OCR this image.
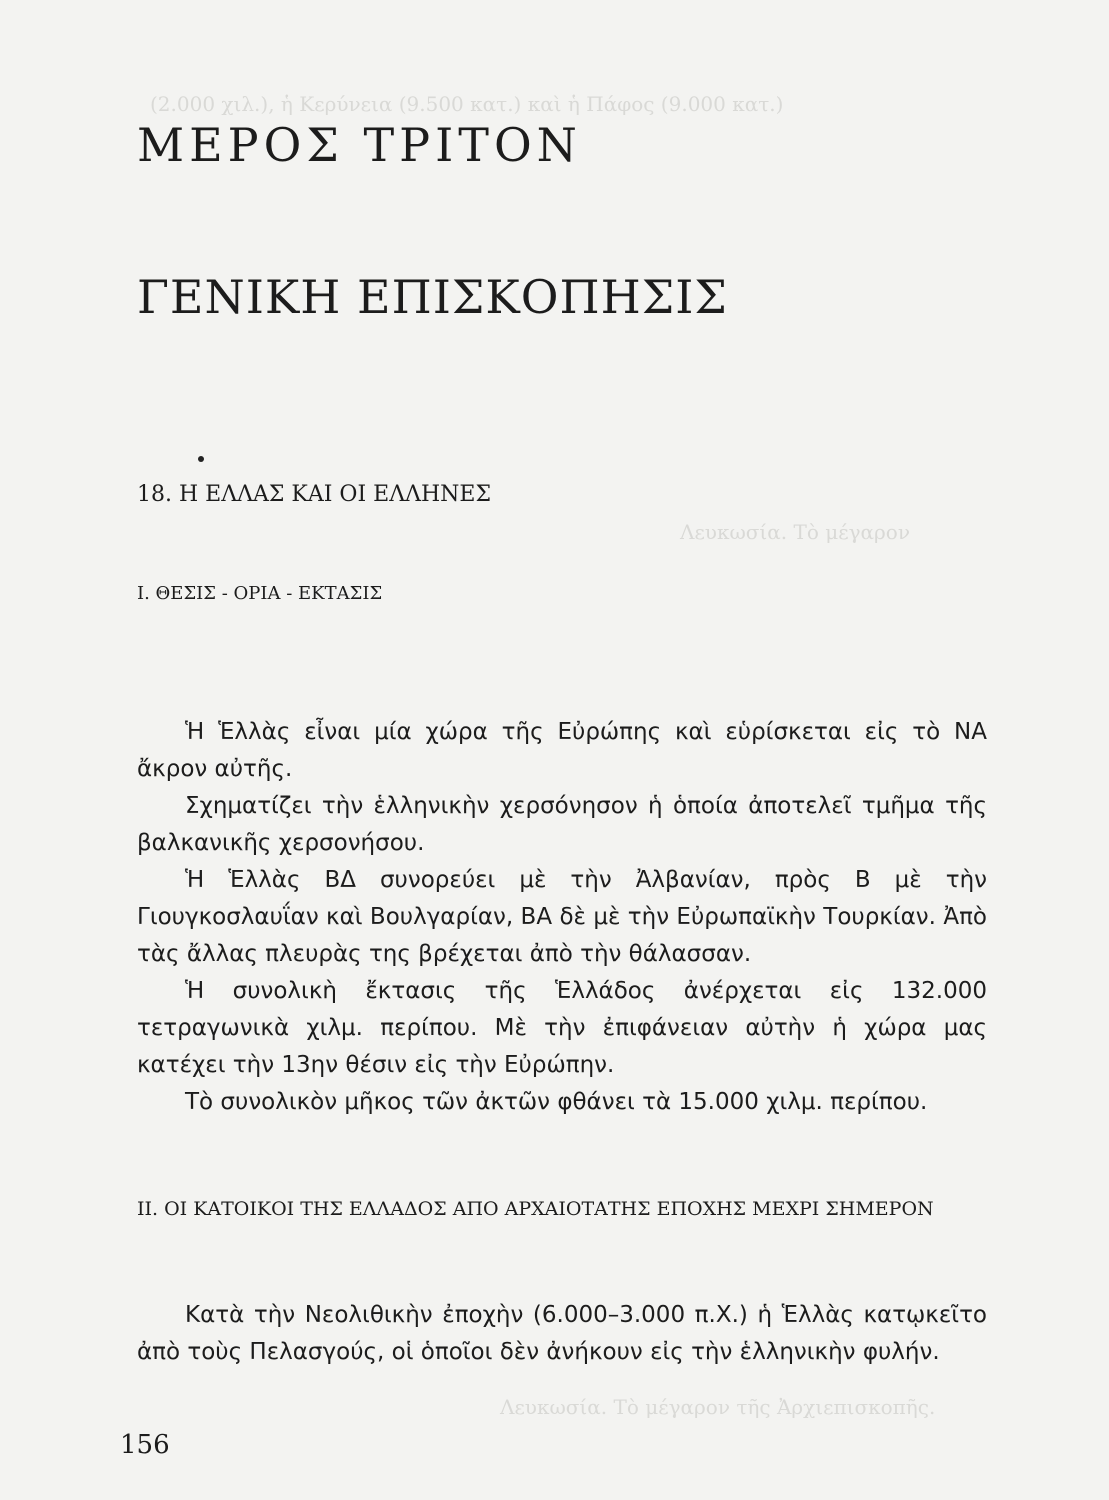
(2.000 χιλ.), ἡ Κερύνεια (9.500 κατ.) καὶ ἡ Πάφος (9.000 κατ.)
Λευκωσία. Τὸ μέγαρον
Λευκωσία. Τὸ μέγαρον τῆς Ἀρχιεπισκοπῆς.
ΜΕΡΟΣ ΤΡΙΤΟΝ
ΓΕΝΙΚΗ ΕΠΙΣΚΟΠΗΣΙΣ
18. Η ΕΛΛΑΣ ΚΑΙ ΟΙ ΕΛΛΗΝΕΣ
Ι. ΘΕΣΙΣ - ΟΡΙΑ - ΕΚΤΑΣΙΣ

Ἡ Ἑλλὰς εἶναι μία χώρα τῆς Εὐρώπης καὶ εὑρίσκεται εἰς τὸ ΝΑ ἄκρον αὐτῆς.

Σχηματίζει τὴν ἑλληνικὴν χερσόνησον ἡ ὁποία ἀποτελεῖ τμῆμα τῆς βαλκανικῆς χερσονήσου.

Ἡ Ἑλλὰς ΒΔ συνορεύει μὲ τὴν Ἀλβανίαν, πρὸς Β μὲ τὴν Γιουγκοσλαυΐαν καὶ Βουλγαρίαν, ΒΑ δὲ μὲ τὴν Εὐρωπαϊκὴν Τουρκίαν. Ἀπὸ τὰς ἄλλας πλευρὰς της βρέχεται ἀπὸ τὴν θάλασσαν.

Ἡ συνολικὴ ἔκτασις τῆς Ἑλλάδος ἀνέρχεται εἰς 132.000 τετραγωνικὰ χιλμ. περίπου. Μὲ τὴν ἐπιφάνειαν αὐτὴν ἡ χώρα μας κατέχει τὴν 13ην θέσιν εἰς τὴν Εὐρώπην.

Τὸ συνολικὸν μῆκος τῶν ἀκτῶν φθάνει τὰ 15.000 χιλμ. περίπου.

ΙΙ. ΟΙ ΚΑΤΟΙΚΟΙ ΤΗΣ ΕΛΛΑΔΟΣ ΑΠΟ ΑΡΧΑΙΟΤΑΤΗΣ ΕΠΟΧΗΣ ΜΕΧΡΙ ΣΗΜΕΡΟΝ

Κατὰ τὴν Νεολιθικὴν ἐποχὴν (6.000–3.000 π.Χ.) ἡ Ἑλλὰς κατῳκεῖτο ἀπὸ τοὺς Πελασγούς, οἱ ὁποῖοι δὲν ἀνήκουν εἰς τὴν ἑλληνικὴν φυλήν.

156
